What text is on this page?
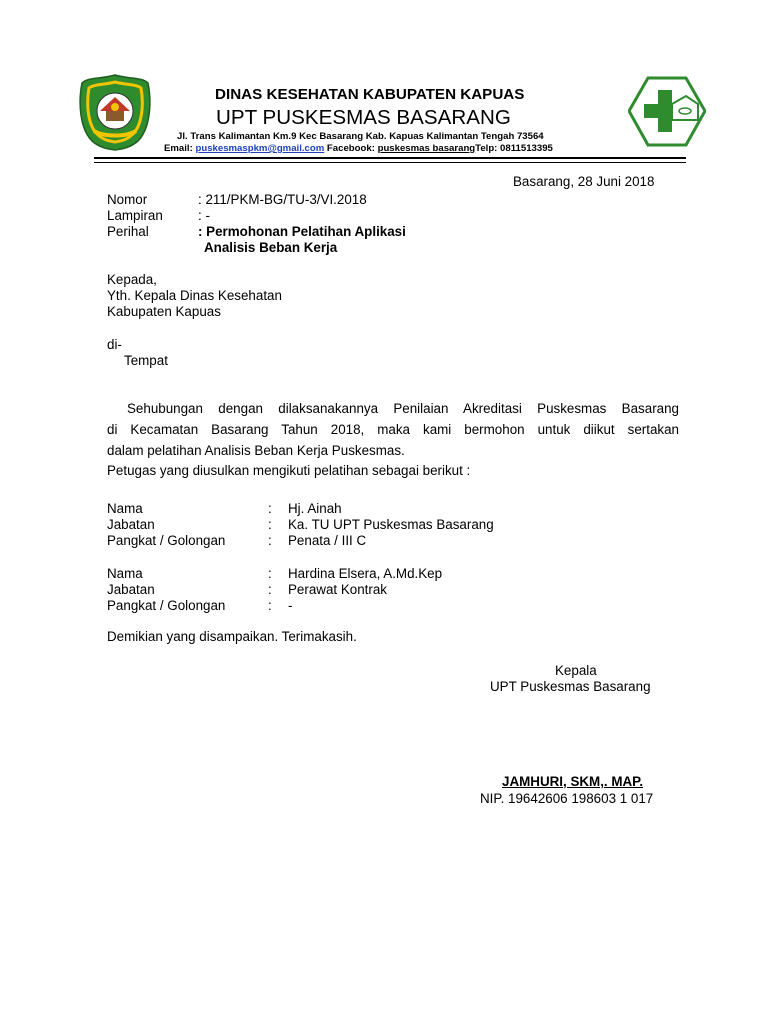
DINAS KESEHATAN KABUPATEN KAPUAS
UPT PUSKESMAS BASARANG
Jl. Trans Kalimantan Km.9 Kec Basarang Kab. Kapuas Kalimantan Tengah 73564
Email: puskesmaspkm@gmail.com Facebook: puskesmas basarangTelp: 0811513395
Basarang, 28 Juni 2018
Nomor	: 211/PKM-BG/TU-3/VI.2018
Lampiran	: -
Perihal	: Permohonan Pelatihan Aplikasi
Analisis Beban Kerja
Kepada,
Yth. Kepala Dinas Kesehatan
Kabupaten Kapuas
di-
Tempat
Sehubungan dengan dilaksanakannya Penilaian Akreditasi Puskesmas Basarang
di Kecamatan Basarang Tahun 2018, maka kami bermohon untuk diikut sertakan
dalam pelatihan Analisis Beban Kerja Puskesmas.
Petugas yang diusulkan mengikuti pelatihan sebagai berikut :
Nama	: Hj. Ainah
Jabatan	: Ka. TU UPT Puskesmas Basarang
Pangkat / Golongan	: Penata / III C
Nama	: Hardina Elsera, A.Md.Kep
Jabatan	: Perawat Kontrak
Pangkat / Golongan	: -
Demikian yang disampaikan. Terimakasih.
Kepala
UPT Puskesmas Basarang
JAMHURI, SKM,. MAP.
NIP. 19642606 198603 1 017
